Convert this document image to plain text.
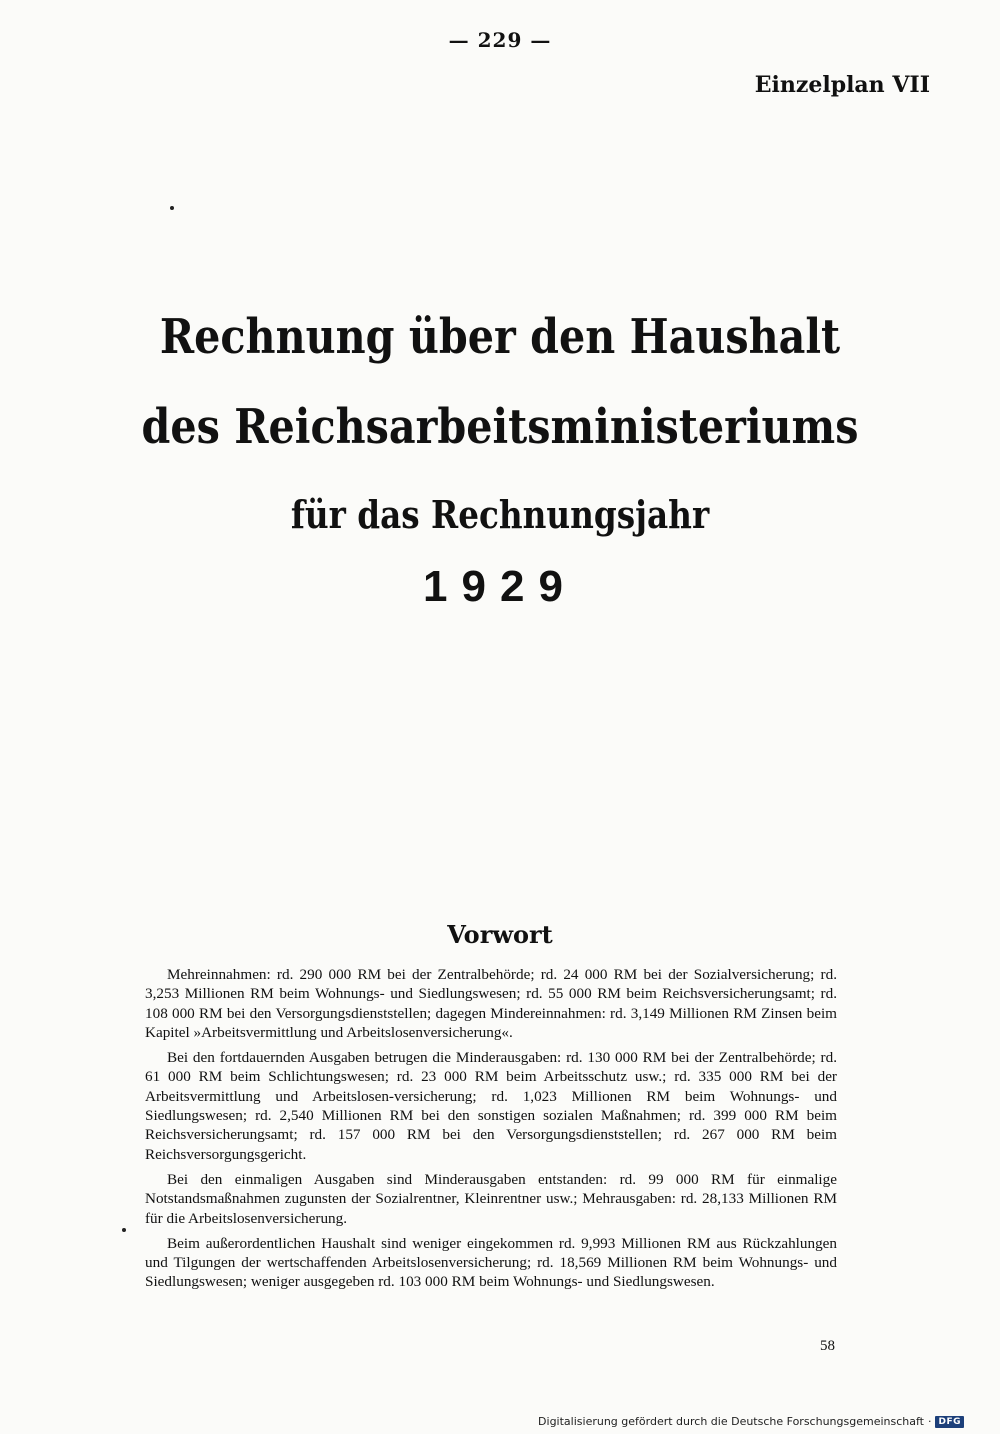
— 229 —
Einzelplan VII
Rechnung über den Haushalt
des Reichsarbeitsministeriums
für das Rechnungsjahr
1929
Vorwort

Mehreinnahmen: rd. 290 000 RM bei der Zentralbehörde; rd. 24 000 RM bei der Sozialversicherung; rd. 3,253 Millionen RM beim Wohnungs- und Siedlungswesen; rd. 55 000 RM beim Reichsversicherungsamt; rd. 108 000 RM bei den Versorgungsdienststellen; dagegen Mindereinnahmen: rd. 3,149 Millionen RM Zinsen beim Kapitel »Arbeitsvermittlung und Arbeitslosenversicherung«.

Bei den fortdauernden Ausgaben betrugen die Minderausgaben: rd. 130 000 RM bei der Zentralbehörde; rd. 61 000 RM beim Schlichtungswesen; rd. 23 000 RM beim Arbeitsschutz usw.; rd. 335 000 RM bei der Arbeitsvermittlung und Arbeitslosen-versicherung; rd. 1,023 Millionen RM beim Wohnungs- und Siedlungswesen; rd. 2,540 Millionen RM bei den sonstigen sozialen Maßnahmen; rd. 399 000 RM beim Reichsversicherungsamt; rd. 157 000 RM bei den Versorgungsdienststellen; rd. 267 000 RM beim Reichsversorgungsgericht.

Bei den einmaligen Ausgaben sind Minderausgaben entstanden: rd. 99 000 RM für einmalige Notstandsmaßnahmen zugunsten der Sozialrentner, Kleinrentner usw.; Mehrausgaben: rd. 28,133 Millionen RM für die Arbeitslosenversicherung.

Beim außerordentlichen Haushalt sind weniger eingekommen rd. 9,993 Millionen RM aus Rückzahlungen und Tilgungen der wertschaffenden Arbeitslosenversicherung; rd. 18,569 Millionen RM beim Wohnungs- und Siedlungswesen; weniger ausgegeben rd. 103 000 RM beim Wohnungs- und Siedlungswesen.

58
Digitalisierung gefördert durch die Deutsche Forschungsgemeinschaft · DFG
